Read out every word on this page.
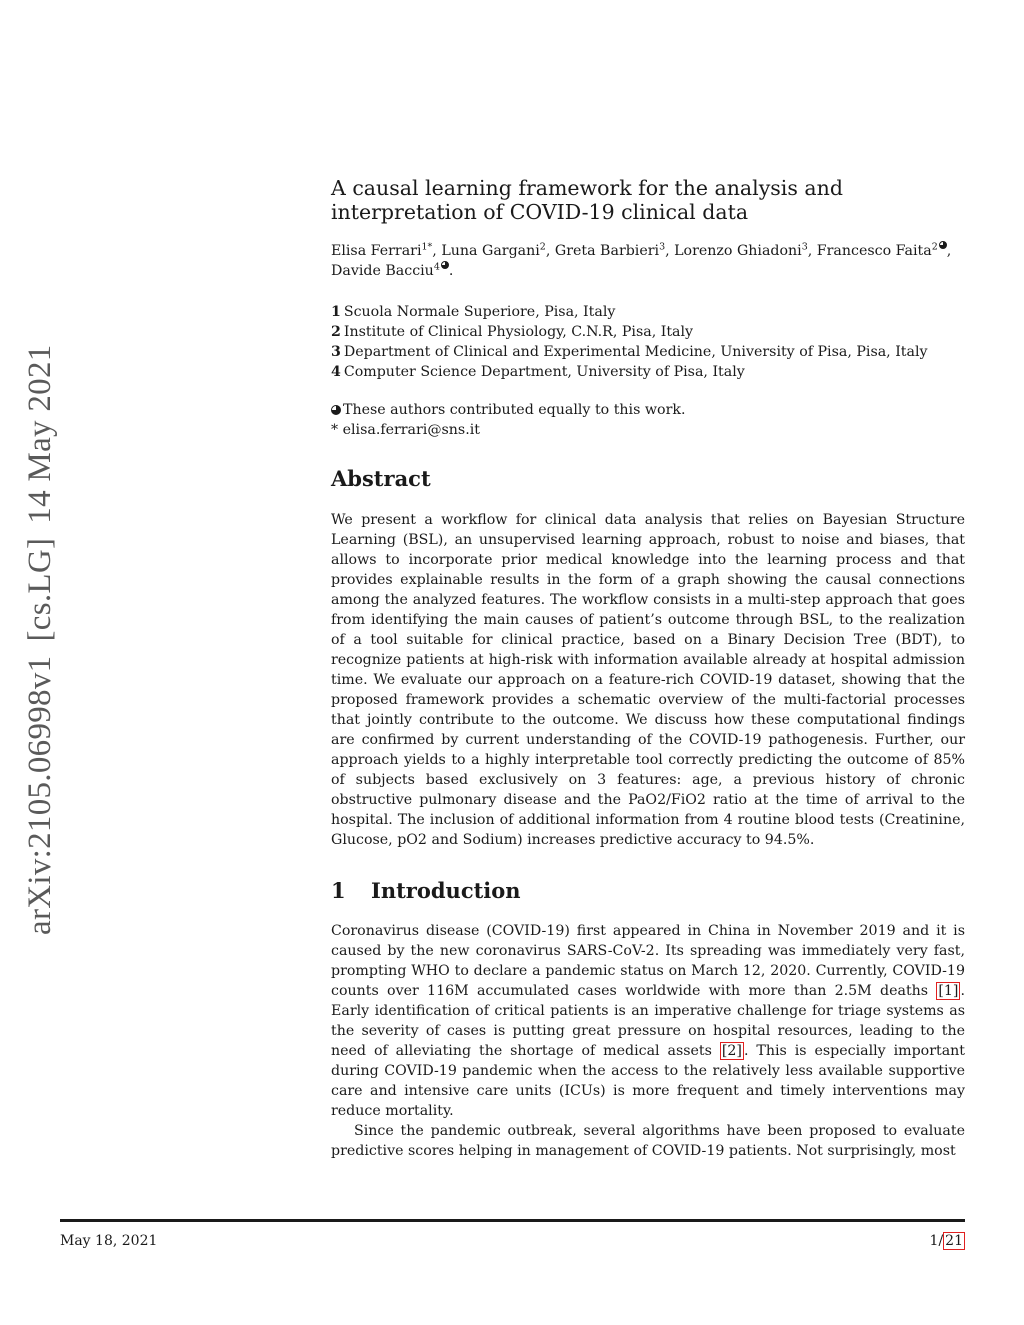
arXiv:2105.06998v1[cs.LG]14 May 2021
A causal learning framework for the analysis and interpretation of COVID-19 clinical data
Elisa Ferrari$^{1*}$, Luna Gargani$^2$, Greta Barbieri$^3$, Lorenzo Ghiadoni$^3$, Francesco Faita$^2$ , Davide Bacciu$^4$ .
1 Scuola Normale Superiore, Pisa, Italy
2 Institute of Clinical Physiology, C.N.R, Pisa, Italy
3 Department of Clinical and Experimental Medicine, University of Pisa, Pisa, Italy
4 Computer Science Department, University of Pisa, Italy
These authors contributed equally to this work.
* elisa.ferrari@sns.it
Abstract

We present a workflow for clinical data analysis that relies on Bayesian Structure Learning (BSL), an unsupervised learning approach, robust to noise and biases, that allows to incorporate prior medical knowledge into the learning process and that provides explainable results in the form of a graph showing the causal connections among the analyzed features. The workflow consists in a multi-step approach that goes from identifying the main causes of patient’s outcome through BSL, to the realization of a tool suitable for clinical practice, based on a Binary Decision Tree (BDT), to recognize patients at high-risk with information available already at hospital admission time. We evaluate our approach on a feature-rich COVID-19 dataset, showing that the proposed framework provides a schematic overview of the multi-factorial processes that jointly contribute to the outcome. We discuss how these computational findings are confirmed by current understanding of the COVID-19 pathogenesis. Further, our approach yields to a highly interpretable tool correctly predicting the outcome of 85% of subjects based exclusively on 3 features: age, a previous history of chronic obstructive pulmonary disease and the PaO2/FiO2 ratio at the time of arrival to the hospital. The inclusion of additional information from 4 routine blood tests (Creatinine, Glucose, pO2 and Sodium) increases predictive accuracy to 94.5%.

1 Introduction

Coronavirus disease (COVID-19) first appeared in China in November 2019 and it is caused by the new coronavirus SARS-CoV-2. Its spreading was immediately very fast, prompting WHO to declare a pandemic status on March 12, 2020. Currently, COVID-19 counts over 116M accumulated cases worldwide with more than 2.5M deaths [1] . Early identification of critical patients is an imperative challenge for triage systems as the severity of cases is putting great pressure on hospital resources, leading to the need of alleviating the shortage of medical assets [2] . This is especially important during COVID-19 pandemic when the access to the relatively less available supportive care and intensive care units (ICUs) is more frequent and timely interventions may reduce mortality.

Since the pandemic outbreak, several algorithms have been proposed to evaluate predictive scores helping in management of COVID-19 patients. Not surprisingly, most

May 18, 2021	1/ 21
